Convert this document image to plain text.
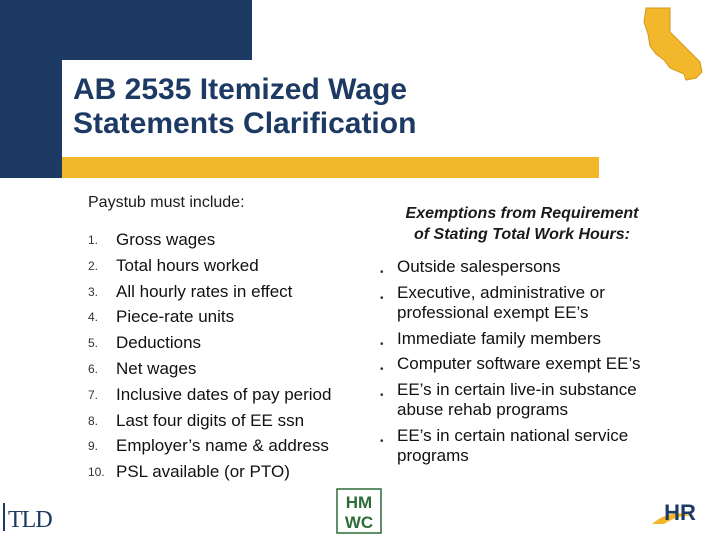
AB 2535 Itemized Wage
Statements Clarification
Paystub must include:
1.	Gross wages
2.	Total hours worked
3.	All hourly rates in effect
4.	Piece-rate units
5.	Deductions
6.	Net wages
7.	Inclusive dates of pay period
8.	Last four digits of EE ssn
9.	Employer’s name & address
10. PSL available (or PTO)
Exemptions from Requirement
of Stating Total Work Hours:
• Outside salespersons
• Executive, administrative or professional exempt EE’s
• Immediate family members
• Computer software exempt EE’s
• EE’s in certain live-in substance abuse rehab programs
• EE’s in certain national service programs
TLD
HM
WC	HR
